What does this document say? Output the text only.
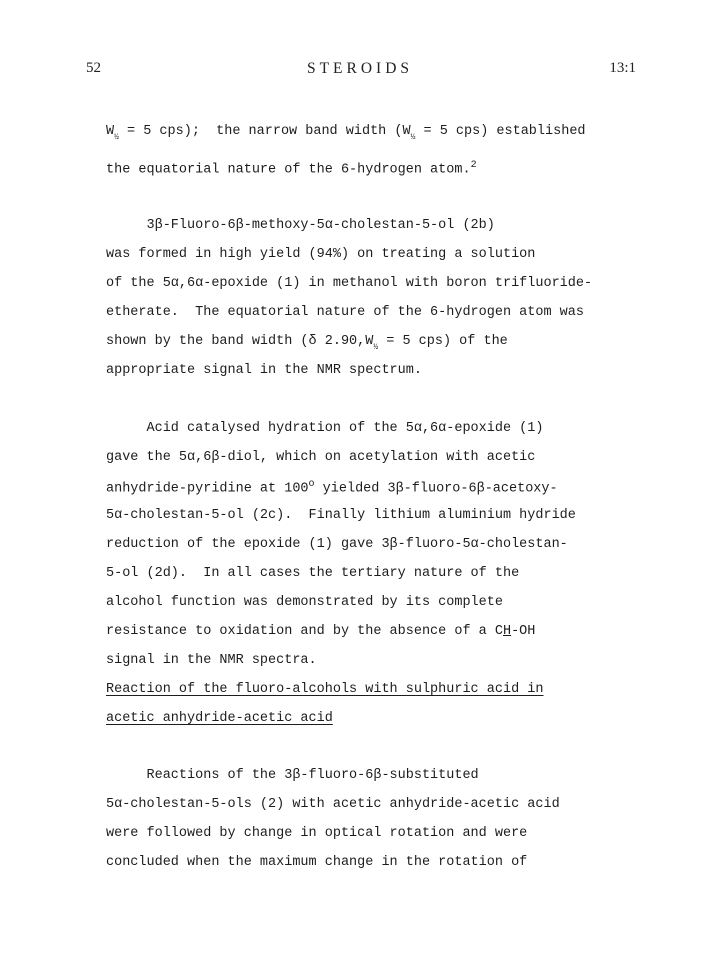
52	STEROIDS	13:1
$W_{\frac{1}{2}} = 5$ cps);  the narrow band width ($W_{\frac{1}{2}} = 5$ cps) established
the equatorial nature of the 6-hydrogen atom.$^2$
3β-Fluoro-6β-methoxy-5α-cholestan-5-ol (2b)
was formed in high yield (94%) on treating a solution
of the 5α,6α-epoxide (1) in methanol with boron trifluoride-
etherate.  The equatorial nature of the 6-hydrogen atom was
shown by the band width (δ $2.90,W_{\frac{1}{2}} = 5$ cps) of the
appropriate signal in the NMR spectrum.
Acid catalysed hydration of the 5α,6α-epoxide (1)
gave the 5α,6β-diol, which on acetylation with acetic
anhydride-pyridine at 100$^o$ yielded 3β-fluoro-6β-acetoxy-
5α-cholestan-5-ol (2c).  Finally lithium aluminium hydride
reduction of the epoxide (1) gave 3β-fluoro-5α-cholestan-
5-ol (2d).  In all cases the tertiary nature of the
alcohol function was demonstrated by its complete
resistance to oxidation and by the absence of a CH-OH
signal in the NMR spectra.
Reaction of the fluoro-alcohols with sulphuric acid in
acetic anhydride-acetic acid
Reactions of the 3β-fluoro-6β-substituted
5α-cholestan-5-ols (2) with acetic anhydride-acetic acid
were followed by change in optical rotation and were
concluded when the maximum change in the rotation of
